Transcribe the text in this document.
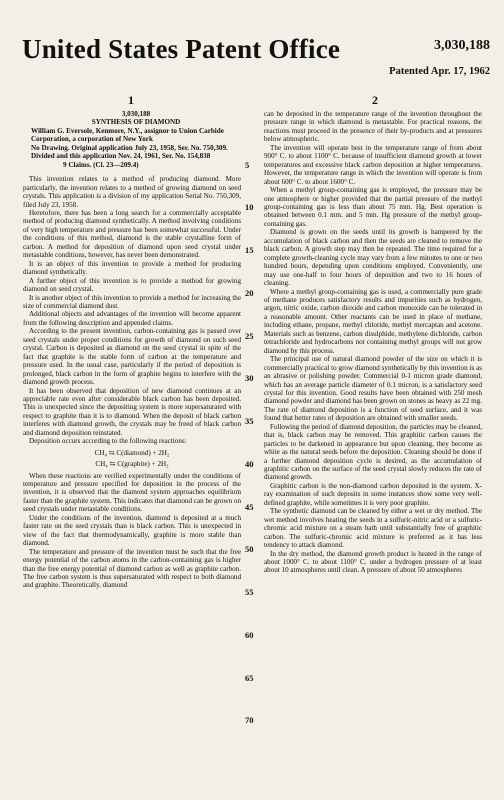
United States Patent Office	3,030,188
Patented Apr. 17, 1962
1	2

3,030,188

SYNTHESIS OF DIAMOND

William G. Eversole, Kenmore, N.Y., assignor to Union Carbide Corporation, a corporation of New York

No Drawing. Original application July 23, 1958, Ser. No. 750,309. Divided and this application Nov. 24, 1961, Ser. No. 154,838

9 Claims. (Cl. 23—209.4)

This invention relates to a method of producing diamond. More particularly, the invention relates to a method of growing diamond on seed crystals. This application is a division of my application Serial No. 750,309, filed July 23, 1958.

Heretofore, there has been a long search for a commercially acceptable method of producing diamond synthetically. A method involving conditions of very high temperature and pressure has been somewhat successful. Under the conditions of this method, diamond is the stable crystalline form of carbon. A method for deposition of diamond upon seed crystal under metastable conditions, however, has never been demonstrated.

It is an object of this invention to provide a method for producing diamond synthetically.

A further object of this invention is to provide a method for growing diamond on seed crystal.

It is another object of this invention to provide a method for increasing the size of commercial diamond dust.

Additional objects and advantages of the invention will become apparent from the following description and appended claims.

According to the present invention, carbon-containing gas is passed over seed crystals under proper conditions for growth of diamond on such seed crystal. Carbon is deposited as diamond on the seed crystal in spite of the fact that graphite is the stable form of carbon at the temperature and pressure used. In the usual case, particularly if the period of deposition is prolonged, black carbon in the form of graphite begins to interfere with the diamond growth process.

It has been observed that deposition of new diamond continues at an appreciable rate even after considerable black carbon has been deposited. This is unexpected since the depositing system is more supersaturated with respect to graphite than it is to diamond. When the deposit of black carbon interferes with diamond growth, the crystals may be freed of black carbon and diamond deposition reinstated.

Deposition occurs according to the following reactions:

CH₄ ⇆ C(diamond) + 2H₂

CH₄ ⇆ C(graphite) + 2H₂

When these reactions are verified experimentally under the conditions of temperature and pressure specified for deposition in the process of the invention, it is observed that the diamond system approaches equilibrium faster than the graphite system. This indicates that diamond can be grown on seed crystals under metastable conditions.

Under the conditions of the invention, diamond is deposited at a much faster rate on the seed crystals than is black carbon. This is unexpected in view of the fact that thermodynamically, graphite is more stable than diamond.

The temperature and pressure of the invention must be such that the free energy potential of the carbon atoms in the carbon-containing gas is higher than the free energy potential of diamond carbon as well as graphite carbon. The free carbon system is thus supersaturated with respect to both diamond and graphite. Theoretically, diamond

5
10
15
20
25
30
35
40
45
50
55
60
65
70

can be deposited in the temperature range of the invention throughout the pressure range in which diamond is metastable. For practical reasons, the reactions must proceed in the presence of their by-products and at pressures below atmospheric.

The invention will operate best in the temperature range of from about 900° C. to about 1100° C. because of insufficient diamond growth at lower temperatures and excessive black carbon deposition at higher temperatures. However, the temperature range in which the invention will operate is from about 600° C. to about 1600° C.

When a methyl group-containing gas is employed, the pressure may be one atmosphere or higher provided that the partial pressure of the methyl group-containing gas is less than about 75 mm. Hg. Best operation is obtained between 0.1 mm. and 5 mm. Hg pressure of the methyl group-containing gas.

Diamond is grown on the seeds until its growth is hampered by the accumulation of black carbon and then the seeds are cleaned to remove the black carbon. A growth step may then be repeated. The time required for a complete growth-cleaning cycle may vary from a few minutes to one or two hundred hours, depending upon conditions employed. Conveniently, one may use one-half to four hours of deposition and two to 16 hours of cleaning.

Where a methyl group-containing gas is used, a commercially pure grade of methane produces satisfactory results and impurities such as hydrogen, argon, nitric oxide, carbon dioxide and carbon monoxide can be tolerated in a reasonable amount. Other reactants can be used in place of methane, including ethane, propane, methyl chloride, methyl mercaptan and acetone. Materials such as benzene, carbon disulphide, methylene dichloride, carbon tetrachloride and hydrocarbons not containing methyl groups will not grow diamond by this process.

The principal use of natural diamond powder of the size on which it is commercially practical to grow diamond synthetically by this invention is as an abrasive or polishing powder. Commercial 0-1 micron grade diamond, which has an average particle diameter of 0.1 micron, is a satisfactory seed crystal for this invention. Good results have been obtained with 250 mesh diamond powder and diamond has been grown on stones as heavy as 22 mg. The rate of diamond deposition is a function of seed surface, and it was found that better rates of deposition are obtained with smaller seeds.

Following the period of diamond deposition, the particles may be cleaned, that is, black carbon may be removed. This graphitic carbon causes the particles to be darkened in appearance but upon cleaning, they become as white as the natural seeds before the deposition. Cleaning should be done if a further diamond deposition cycle is desired, as the accumulation of graphitic carbon on the surface of the seed crystal slowly reduces the rate of diamond growth.

Graphitic carbon is the non-diamond carbon deposited in the system. X-ray examination of such deposits in some instances show some very well-defined graphite, while sometimes it is very poor graphite.

The synthetic diamond can be cleaned by either a wet or dry method. The wet method involves heating the seeds in a sulfuric-nitric acid or a sulfuric-chromic acid mixture on a steam bath until substantially free of graphitic carbon. The sulfuric-chromic acid mixture is preferred as it has less tendency to attack diamond.

In the dry method, the diamond growth product is heated in the range of about 1000° C. to about 1100° C. under a hydrogen pressure of at least about 10 atmospheres until clean. A pressure of about 50 atmospheres
